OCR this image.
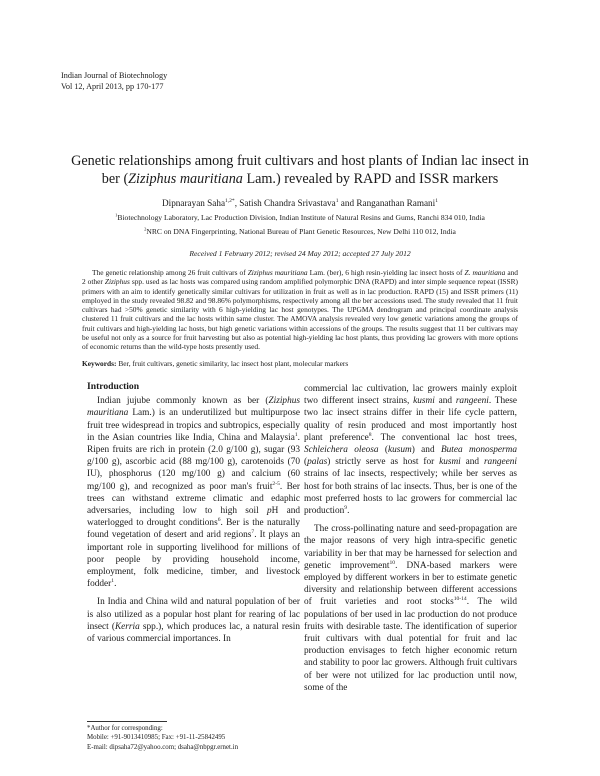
Indian Journal of Biotechnology
Vol 12, April 2013, pp 170-177
Genetic relationships among fruit cultivars and host plants of Indian lac insect in
ber (Ziziphus mauritiana Lam.) revealed by RAPD and ISSR markers
Dipnarayan Saha$^{1,2*}$, Satish Chandra Srivastava$^1$ and Ranganathan Ramani$^1$
$^1$Biotechnology Laboratory, Lac Production Division, Indian Institute of Natural Resins and Gums, Ranchi 834 010, India
$^2$NRC on DNA Fingerprinting, National Bureau of Plant Genetic Resources, New Delhi 110 012, India
Received 1 February 2012; revised 24 May 2012; accepted 27 July 2012
The genetic relationship among 26 fruit cultivars of Ziziphus mauritiana Lam. (ber), 6 high resin-yielding lac insect hosts of Z. mauritiana and 2 other Ziziphus spp. used as lac hosts was compared using random amplified polymorphic DNA (RAPD) and inter simple sequence repeat (ISSR) primers with an aim to identify genetically similar cultivars for utilization in fruit as well as in lac production. RAPD (15) and ISSR primers (11) employed in the study revealed 98.82 and 98.86% polymorphisms, respectively among all the ber accessions used. The study revealed that 11 fruit cultivars had >50% genetic similarity with 6 high-yielding lac host genotypes. The UPGMA dendrogram and principal coordinate analysis clustered 11 fruit cultivars and the lac hosts within same cluster. The AMOVA analysis revealed very low genetic variations among the groups of fruit cultivars and high-yielding lac hosts, but high genetic variations within accessions of the groups. The results suggest that 11 ber cultivars may be useful not only as a source for fruit harvesting but also as potential high-yielding lac host plants, thus providing lac growers with more options of economic returns than the wild-type hosts presently used.
Keywords: Ber, fruit cultivars, genetic similarity, lac insect host plant, molecular markers
Introduction

Indian jujube commonly known as ber (Ziziphus mauritiana Lam.) is an underutilized but multipurpose fruit tree widespread in tropics and subtropics, especially in the Asian countries like India, China and Malaysia$^1$. Ripen fruits are rich in protein (2.0 g/100 g), sugar (93 g/100 g), ascorbic acid (88 mg/100 g), carotenoids (70 IU), phosphorus (120 mg/100 g) and calcium (60 mg/100 g), and recognized as poor man's fruit$^{2-5}$. Ber trees can withstand extreme climatic and edaphic adversaries, including low to high soil pH and waterlogged to drought conditions$^6$. Ber is the naturally found vegetation of desert and arid regions$^7$. It plays an important role in supporting livelihood for millions of poor people by providing household income, employment, folk medicine, timber, and livestock fodder$^1$.

In India and China wild and natural population of ber is also utilized as a popular host plant for rearing of lac insect (Kerria spp.), which produces lac, a natural resin of various commercial importances. In

*Author for corresponding:
Mobile: +91-9013410985; Fax: +91-11-25842495
E-mail: dipsaha72@yahoo.com; dsaha@nbpgr.ernet.in

commercial lac cultivation, lac growers mainly exploit two different insect strains, kusmi and rangeeni. These two lac insect strains differ in their life cycle pattern, quality of resin produced and most importantly host plant preference$^8$. The conventional lac host trees, Schleichera oleosa (kusum) and Butea monosperma (palas) strictly serve as host for kusmi and rangeeni strains of lac insects, respectively; while ber serves as host for both strains of lac insects. Thus, ber is one of the most preferred hosts to lac growers for commercial lac production$^9$.

The cross-pollinating nature and seed-propagation are the major reasons of very high intra-specific genetic variability in ber that may be harnessed for selection and genetic improvement$^{10}$. DNA-based markers were employed by different workers in ber to estimate genetic diversity and relationship between different accessions of fruit varieties and root stocks$^{10-14}$. The wild populations of ber used in lac production do not produce fruits with desirable taste. The identification of superior fruit cultivars with dual potential for fruit and lac production envisages to fetch higher economic return and stability to poor lac growers. Although fruit cultivars of ber were not utilized for lac production until now, some of the
